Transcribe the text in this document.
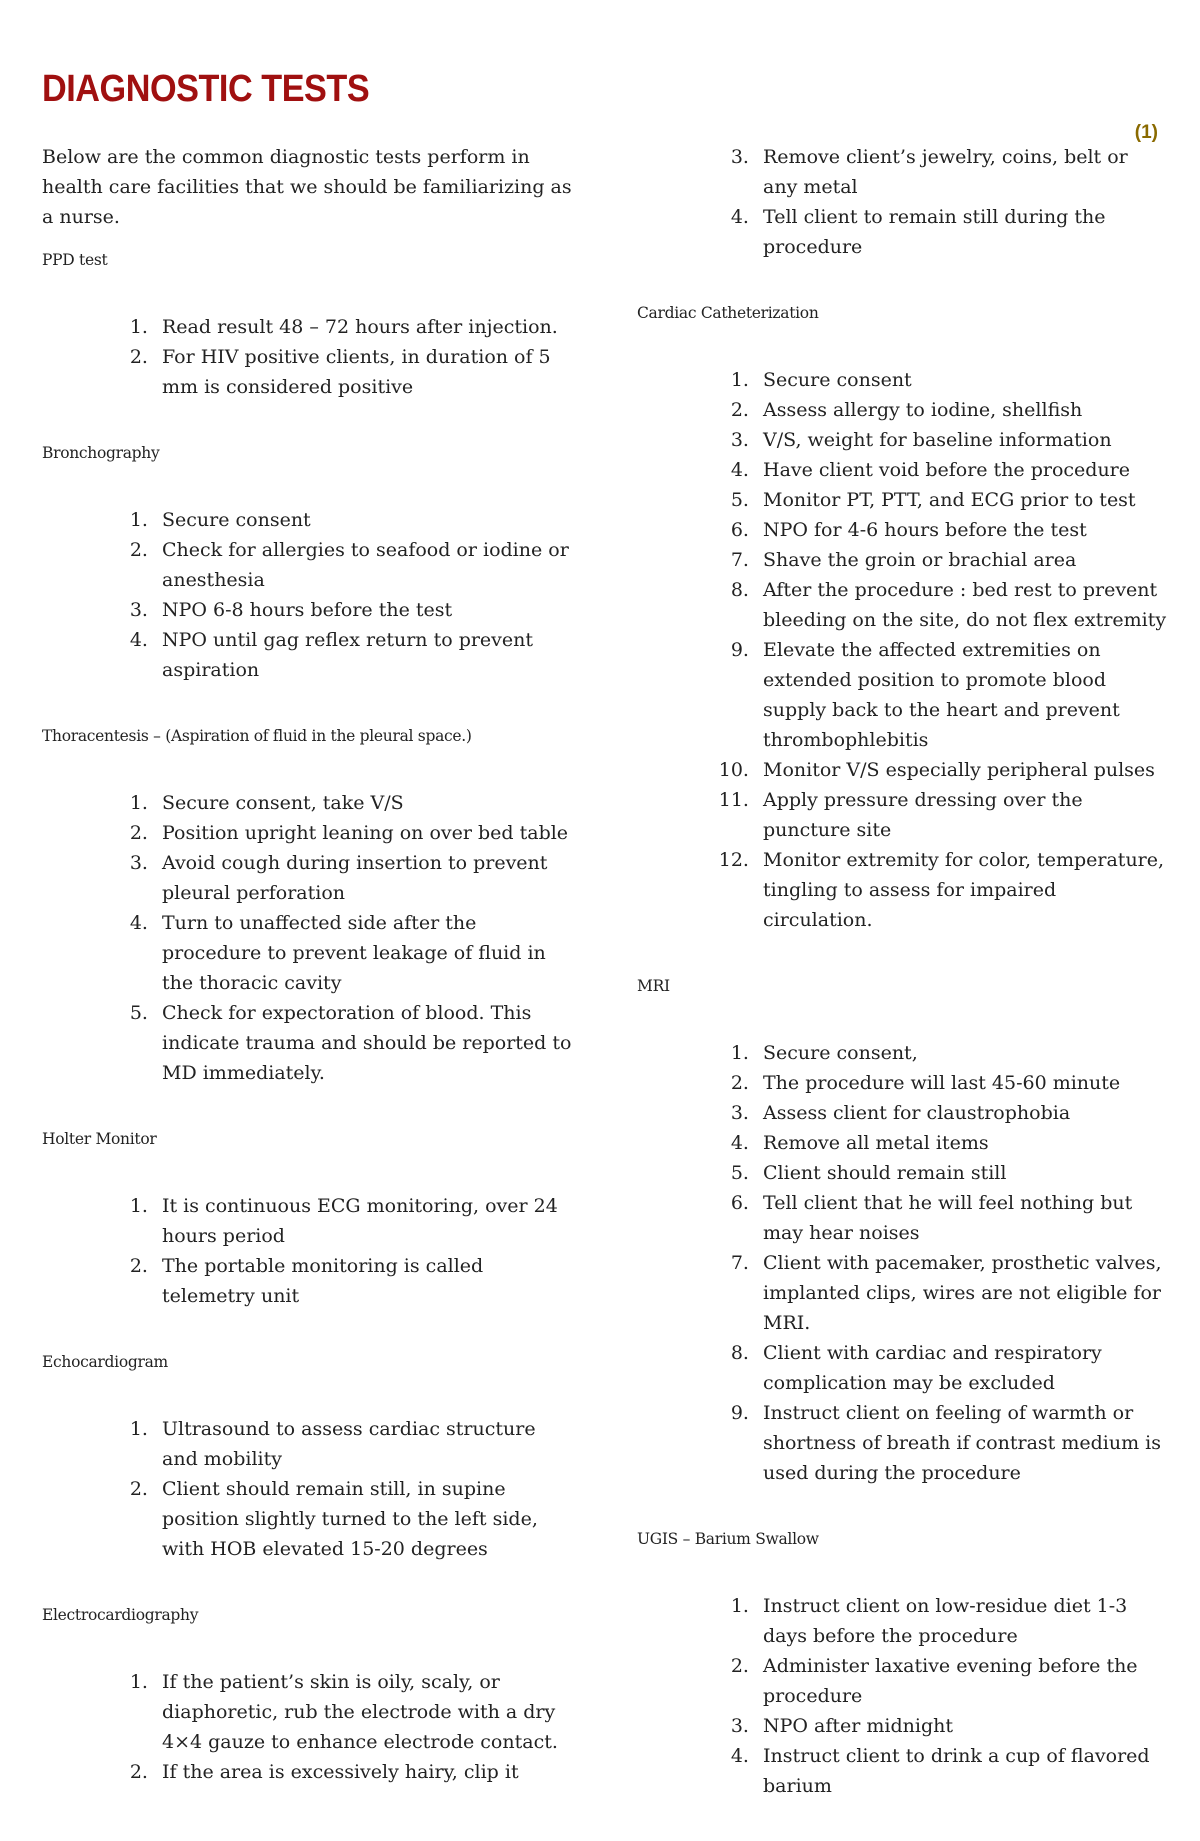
DIAGNOSTIC TESTS
(1)

Below are the common diagnostic tests perform in health care facilities that we should be familiarizing as a nurse.

PPD test

1. Read result 48 – 72 hours after injection.
2. For HIV positive clients, in duration of 5 mm is considered positive

Bronchography

1. Secure consent
2. Check for allergies to seafood or iodine or anesthesia
3. NPO 6-8 hours before the test
4. NPO until gag reflex return to prevent aspiration

Thoracentesis – (Aspiration of fluid in the pleural space.)

1. Secure consent, take V/S
2. Position upright leaning on over bed table
3. Avoid cough during insertion to prevent pleural perforation
4. Turn to unaffected side after the procedure to prevent leakage of fluid in the thoracic cavity
5. Check for expectoration of blood. This indicate trauma and should be reported to MD immediately.

Holter Monitor

1. It is continuous ECG monitoring, over 24 hours period
2. The portable monitoring is called telemetry unit

Echocardiogram

1. Ultrasound to assess cardiac structure and mobility
2. Client should remain still, in supine position slightly turned to the left side, with HOB elevated 15-20 degrees

Electrocardiography

1. If the patient’s skin is oily, scaly, or diaphoretic, rub the electrode with a dry 4×4 gauze to enhance electrode contact.
2. If the area is excessively hairy, clip it
3. Remove client’s jewelry, coins, belt or any metal
4. Tell client to remain still during the procedure

Cardiac Catheterization

1. Secure consent
2. Assess allergy to iodine, shellfish
3. V/S, weight for baseline information
4. Have client void before the procedure
5. Monitor PT, PTT, and ECG prior to test
6. NPO for 4-6 hours before the test
7. Shave the groin or brachial area
8. After the procedure : bed rest to prevent bleeding on the site, do not flex extremity
9. Elevate the affected extremities on extended position to promote blood supply back to the heart and prevent thrombophlebitis
10. Monitor V/S especially peripheral pulses
11. Apply pressure dressing over the puncture site
12. Monitor extremity for color, temperature, tingling to assess for impaired circulation.

MRI

1. Secure consent,
2. The procedure will last 45-60 minute
3. Assess client for claustrophobia
4. Remove all metal items
5. Client should remain still
6. Tell client that he will feel nothing but may hear noises
7. Client with pacemaker, prosthetic valves, implanted clips, wires are not eligible for MRI.
8. Client with cardiac and respiratory complication may be excluded
9. Instruct client on feeling of warmth or shortness of breath if contrast medium is used during the procedure

UGIS – Barium Swallow

1. Instruct client on low-residue diet 1-3 days before the procedure
2. Administer laxative evening before the procedure
3. NPO after midnight
4. Instruct client to drink a cup of flavored barium
